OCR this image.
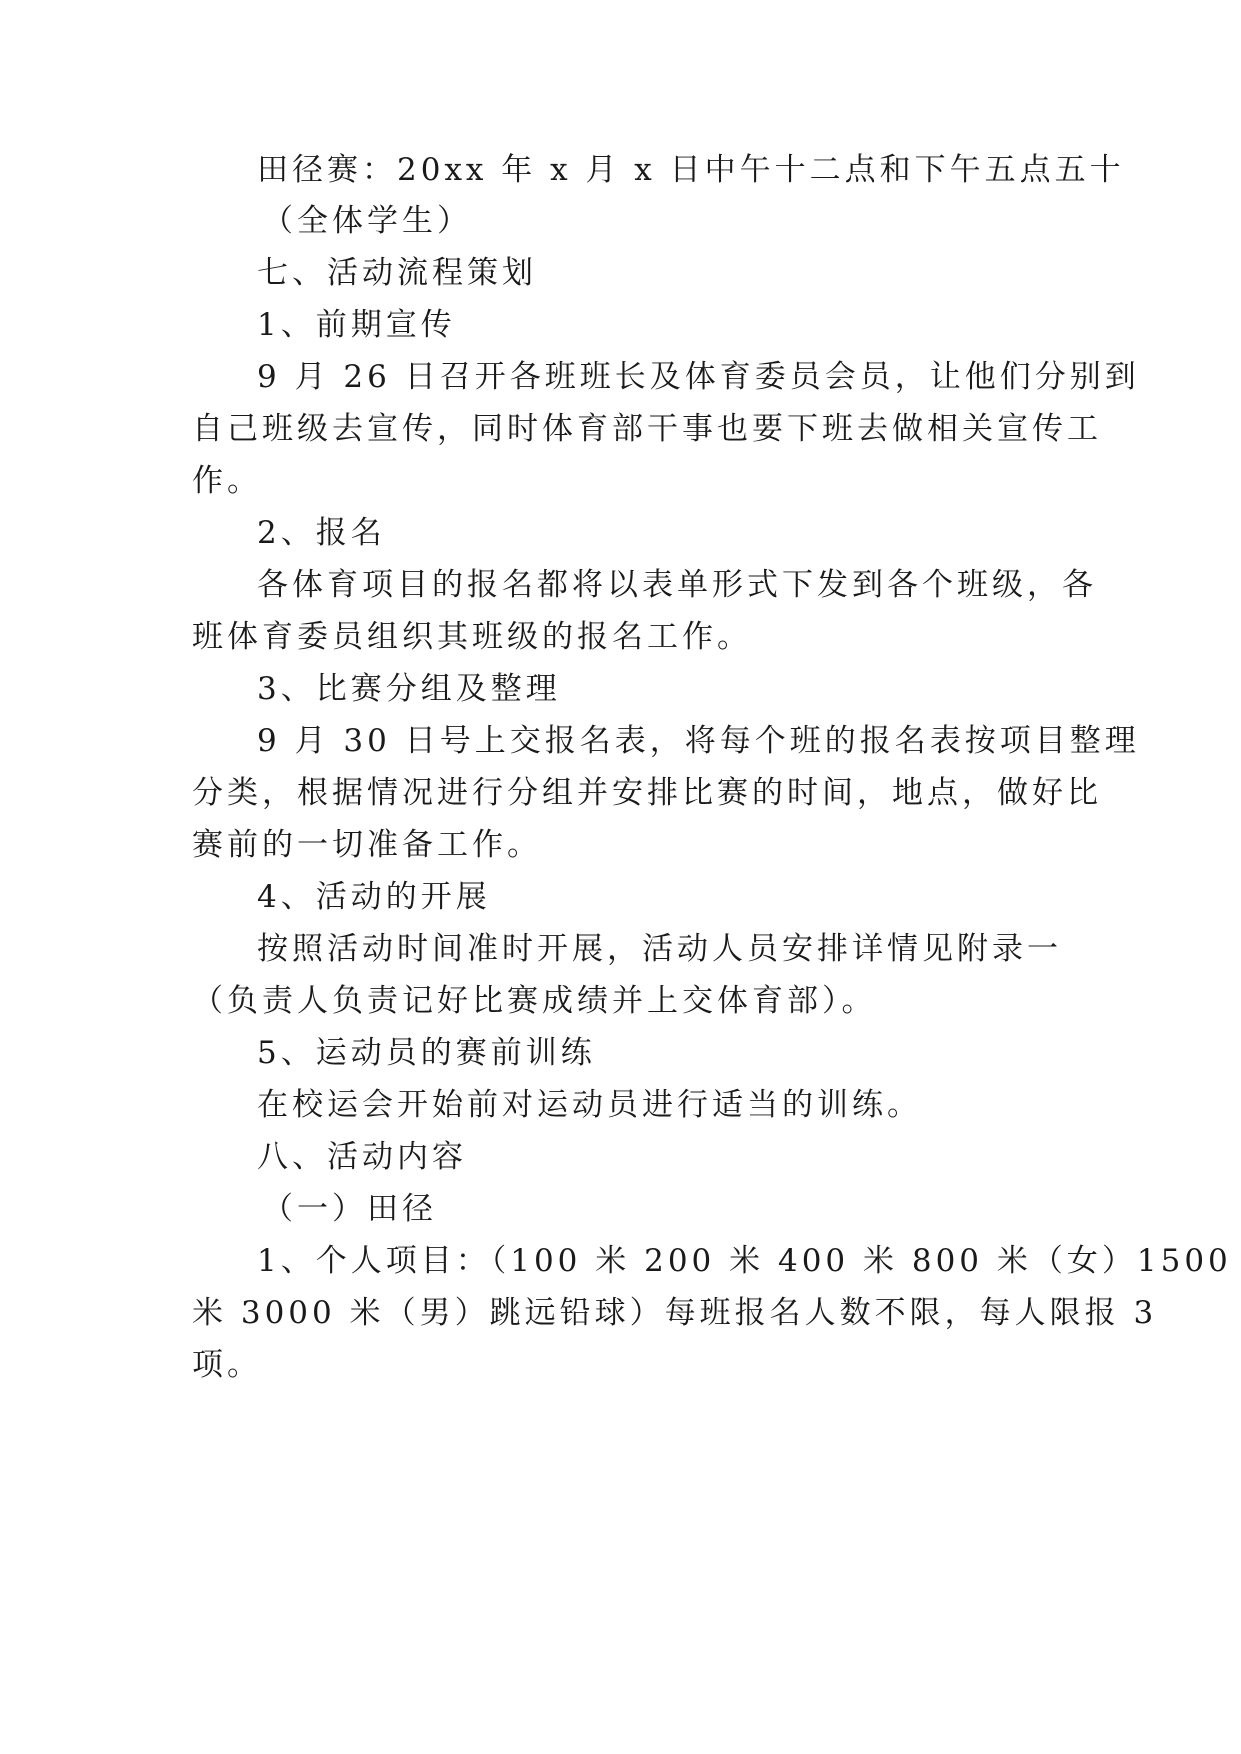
田径赛：20xx 年 x 月 x 日中午十二点和下午五点五十

（全体学生）

七、活动流程策划

1、前期宣传

9 月 26 日召开各班班长及体育委员会员，让他们分别到

自己班级去宣传，同时体育部干事也要下班去做相关宣传工

作。

2、报名

各体育项目的报名都将以表单形式下发到各个班级，各

班体育委员组织其班级的报名工作。

3、比赛分组及整理

9 月 30 日号上交报名表，将每个班的报名表按项目整理

分类，根据情况进行分组并安排比赛的时间，地点，做好比

赛前的一切准备工作。

4、活动的开展

按照活动时间准时开展，活动人员安排详情见附录一

（负责人负责记好比赛成绩并上交体育部）。

5、运动员的赛前训练

在校运会开始前对运动员进行适当的训练。

八、活动内容

（一）田径

1、个人项目：（100 米 200 米 400 米 800 米（女）1500

米 3000 米（男）跳远铅球）每班报名人数不限，每人限报 3

项。
